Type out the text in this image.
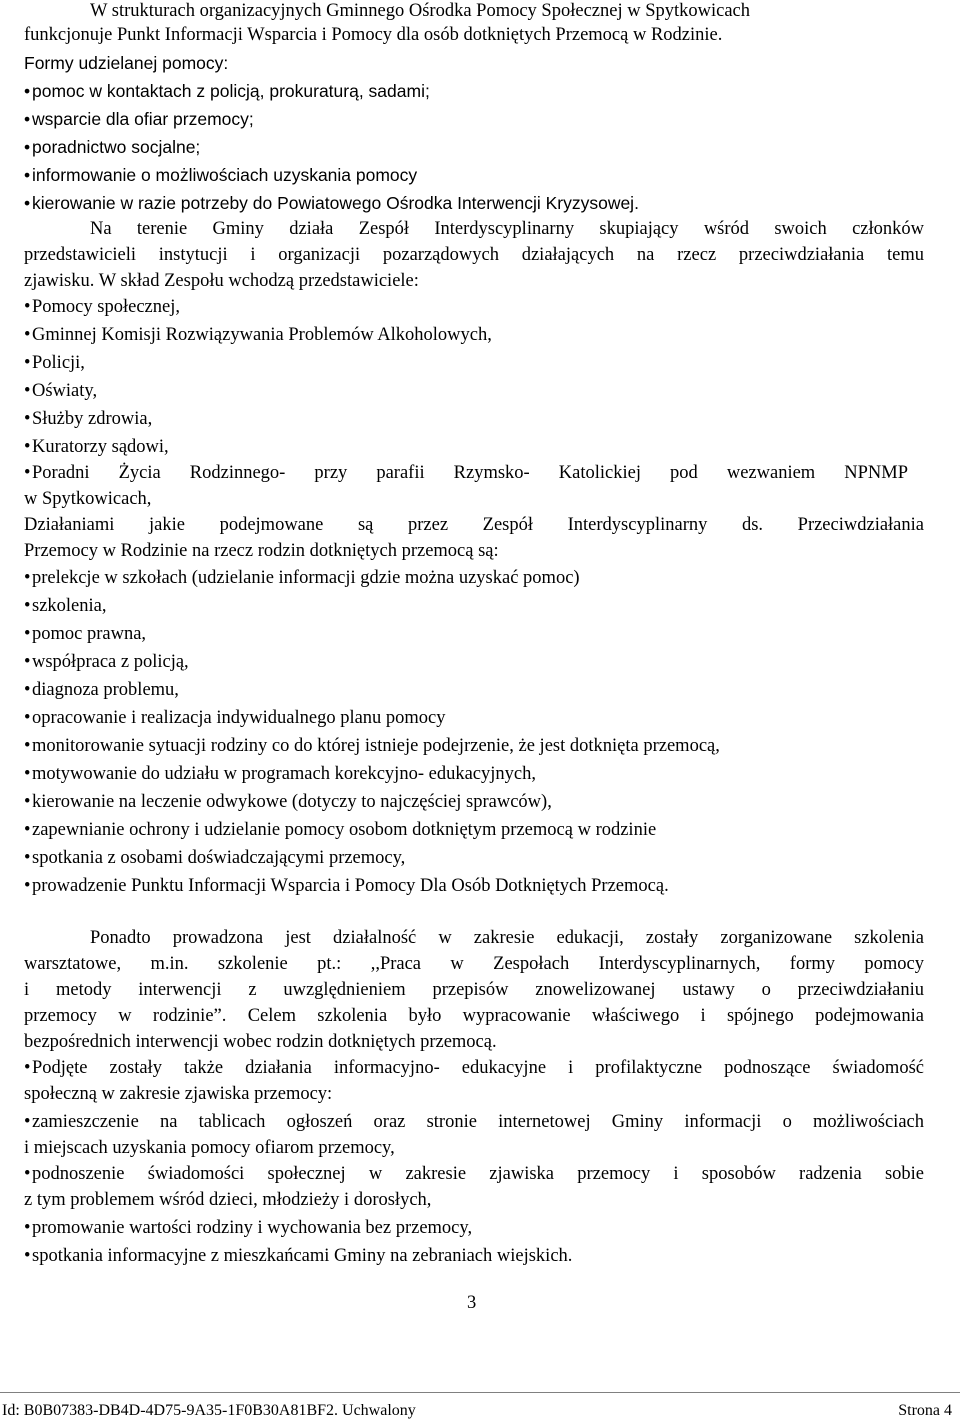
W strukturach organizacyjnych Gminnego Ośrodka Pomocy Społecznej w Spytkowicach
funkcjonuje Punkt Informacji Wsparcia i Pomocy dla osób dotkniętych Przemocą w Rodzinie.
Formy udzielanej pomocy:
• pomoc w kontaktach z policją, prokuraturą, sadami;
• wsparcie dla ofiar przemocy;
• poradnictwo socjalne;
• informowanie o możliwościach uzyskania pomocy
• kierowanie w razie potrzeby do Powiatowego Ośrodka Interwencji Kryzysowej.
Na terenie Gminy działa Zespół Interdyscyplinarny skupiający wśród swoich członków
przedstawicieli instytucji i organizacji pozarządowych działających na rzecz przeciwdziałania temu
zjawisku. W skład Zespołu wchodzą przedstawiciele:
• Pomocy społecznej,
• Gminnej Komisji Rozwiązywania Problemów Alkoholowych,
• Policji,
• Oświaty,
• Służby zdrowia,
• Kuratorzy sądowi,
• Poradni Życia Rodzinnego- przy parafii Rzymsko- Katolickiej pod wezwaniem NPNMP
w Spytkowicach,
Działaniami jakie podejmowane są przez Zespół Interdyscyplinarny ds. Przeciwdziałania
Przemocy w Rodzinie na rzecz rodzin dotkniętych przemocą są:
• prelekcje w szkołach (udzielanie informacji gdzie można uzyskać pomoc)
• szkolenia,
• pomoc prawna,
• współpraca z policją,
• diagnoza problemu,
• opracowanie i realizacja indywidualnego planu pomocy
• monitorowanie sytuacji rodziny co do której istnieje podejrzenie, że jest dotknięta przemocą,
• motywowanie do udziału w programach korekcyjno- edukacyjnych,
• kierowanie na leczenie odwykowe (dotyczy to najczęściej sprawców),
• zapewnianie ochrony i udzielanie pomocy osobom dotkniętym przemocą w rodzinie
• spotkania z osobami doświadczającymi przemocy,
• prowadzenie Punktu Informacji Wsparcia i Pomocy Dla Osób Dotkniętych Przemocą.
Ponadto prowadzona jest działalność w zakresie edukacji, zostały zorganizowane szkolenia
warsztatowe, m.in. szkolenie pt.: ,,Praca w Zespołach Interdyscyplinarnych, formy pomocy
i metody interwencji z uwzględnieniem przepisów znowelizowanej ustawy o przeciwdziałaniu
przemocy w rodzinie”. Celem szkolenia było wypracowanie właściwego i spójnego podejmowania
bezpośrednich interwencji wobec rodzin dotkniętych przemocą.
• Podjęte zostały także działania informacyjno- edukacyjne i profilaktyczne podnoszące świadomość
społeczną w zakresie zjawiska przemocy:
• zamieszczenie na tablicach ogłoszeń oraz stronie internetowej Gminy informacji o możliwościach
i miejscach uzyskania pomocy ofiarom przemocy,
• podnoszenie świadomości społecznej w zakresie zjawiska przemocy i sposobów radzenia sobie
z tym problemem wśród dzieci, młodzieży i dorosłych,
• promowanie wartości rodziny i wychowania bez przemocy,
• spotkania informacyjne z mieszkańcami Gminy na zebraniach wiejskich.
3
Id: B0B07383-DB4D-4D75-9A35-1F0B30A81BF2. Uchwalony	Strona 4
